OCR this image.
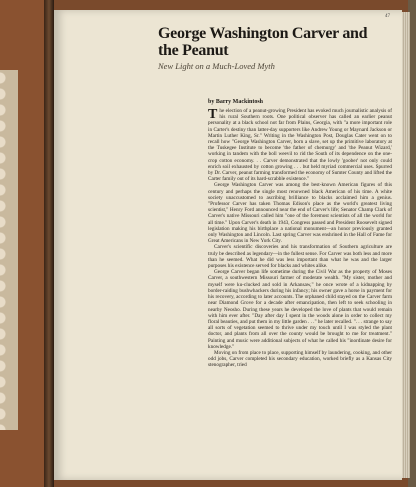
47
George Washington Carver and the Peanut

New Light on a Much-Loved Myth

by Barry Mackintosh

The election of a peanut-growing President has evoked much journalistic analysis of his rural Southern roots. One political observer has called an earlier peanut personality at a black school not far from Plains, Georgia, with "a more important role in Carter's destiny than latter-day supporters like Andrew Young or Maynard Jackson or Martin Luther King, Sr." Writing in the Washington Post, Douglas Cater went on to recall how "George Washington Carver, born a slave, set up the primitive laboratory at the Tuskegee Institute to become 'the father of chemurgy' and 'the Peanut Wizard,' working in tandem with the boll weevil to rid the South of its dependence on the one-crop cotton economy. . . Carver demonstrated that the lowly 'goober' not only could enrich soil exhausted by cotton growing . . . but held myriad commercial uses. Spurred by Dr. Carver, peanut farming transformed the economy of Sumter County and lifted the Carter family out of its hard-scrabble existence."

George Washington Carver was among the best-known American figures of this century and perhaps the single most renowned black American of his time. A white society unaccustomed to ascribing brilliance to blacks acclaimed him a genius. "Professor Carver has taken Thomas Edison's place as the world's greatest living scientist," Henry Ford announced near the end of Carver's life; Senator Champ Clark of Carver's native Missouri called him "one of the foremost scientists of all the world for all time." Upon Carver's death in 1943, Congress passed and President Roosevelt signed legislation making his birthplace a national monument—an honor previously granted only Washington and Lincoln. Last spring Carver was enshrined in the Hall of Fame for Great Americans in New York City.

Carver's scientific discoveries and his transformation of Southern agriculture are truly be described as legendary—in the fullest sense. For Carver was both less and more than he seemed. What he did was less important than what he was and the larger purposes his existence served for blacks and whites alike.

George Carver began life sometime during the Civil War as the property of Moses Carver, a southwestern Missouri farmer of moderate wealth. "My sister, mother and myself were ku-clucked and sold in Arkansaw," he once wrote of a kidnapping by border-raiding bushwhackers during his infancy; his owner gave a horse in payment for his recovery, according to later accounts. The orphaned child stayed on the Carver farm near Diamond Grove for a decade after emancipation, then left to seek schooling in nearby Neosho. During these years he developed the love of plants that would remain with him ever after. "Day after day I spent in the woods alone in order to collect my floral beauties, and put them in my little garden . . ." he later recalled. ". . . strange to say all sorts of vegetation seemed to thrive under my touch until I was styled the plant doctor, and plants from all over the county would be brought to me for treatment." Painting and music were additional subjects of what he called his "inordinate desire for knowledge."

Moving on from place to place, supporting himself by laundering, cooking, and other odd jobs, Carver completed his secondary education, worked briefly as a Kansas City stenographer, tried
